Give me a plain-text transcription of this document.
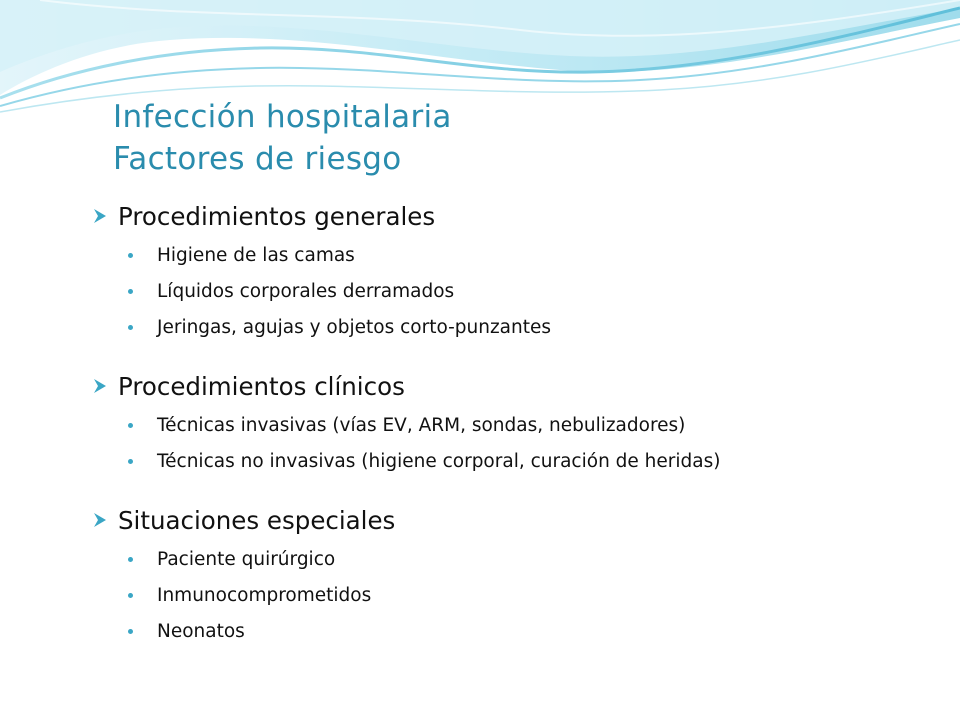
Infección hospitalaria
Factores de riesgo
Procedimientos generales
Higiene de las camas
Líquidos corporales derramados
Jeringas, agujas y objetos corto-punzantes
Procedimientos clínicos
Técnicas invasivas (vías EV, ARM, sondas, nebulizadores)
Técnicas no invasivas (higiene corporal, curación de heridas)
Situaciones especiales
Paciente quirúrgico
Inmunocomprometidos
Neonatos
